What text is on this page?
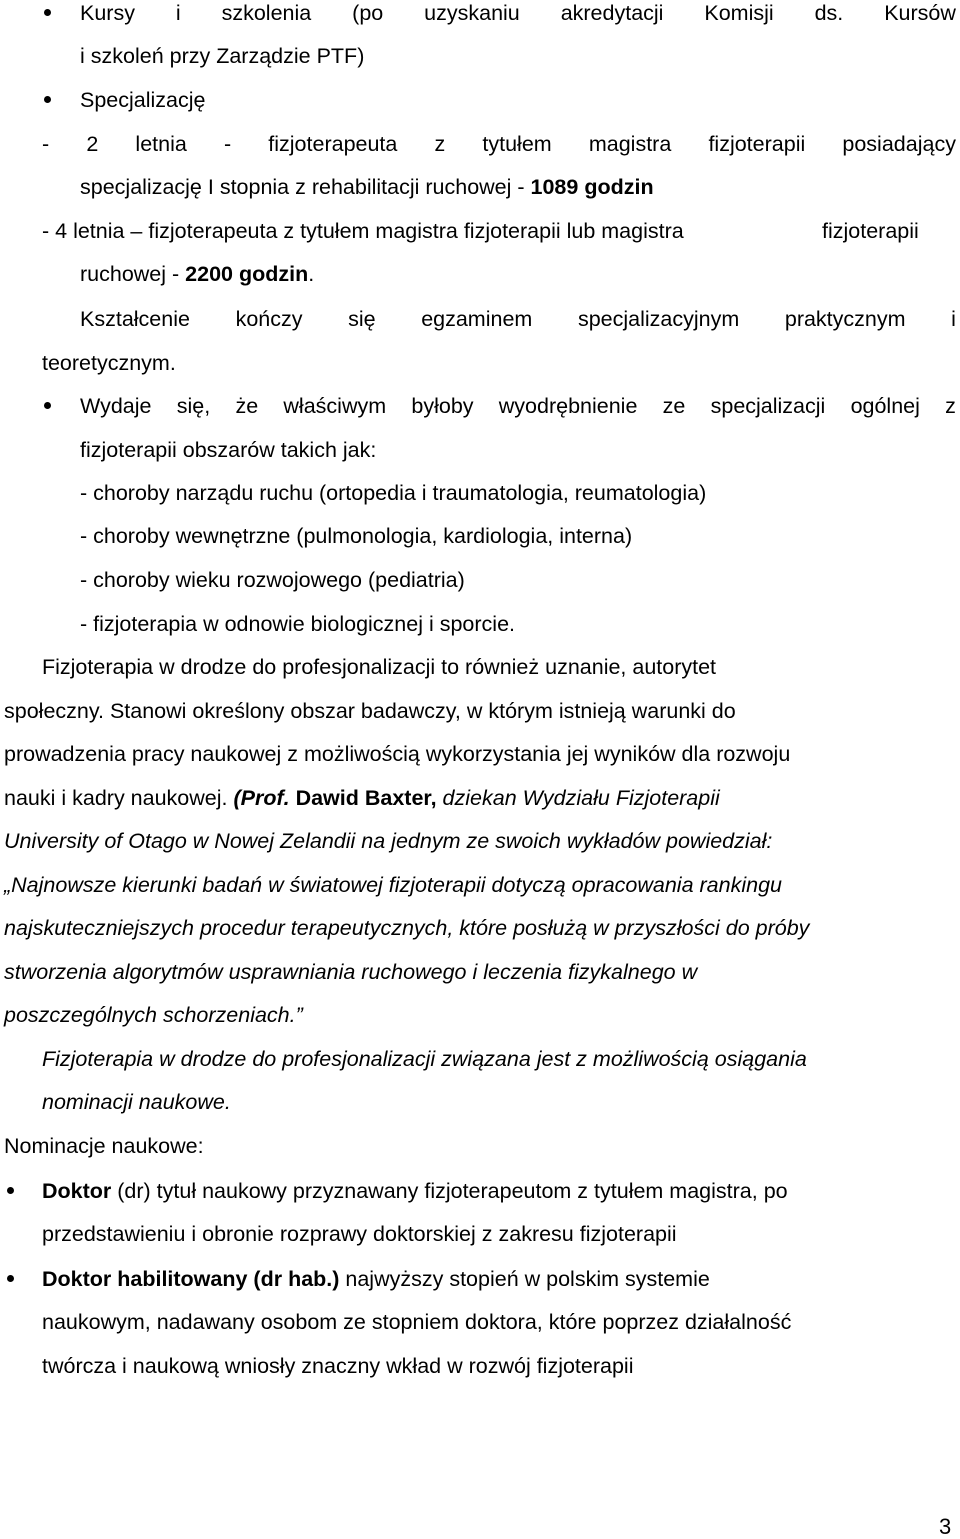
Kursy i szkolenia (po uzyskaniu akredytacji Komisji ds. Kursów
i szkoleń przy Zarządzie PTF)
Specjalizację
- 2 letnia - fizjoterapeuta z tytułem magistra fizjoterapii posiadający
specjalizację I stopnia z rehabilitacji ruchowej - 1089 godzin
- 4 letnia – fizjoterapeuta z tytułem magistra fizjoterapii lub magistra	fizjoterapii
ruchowej - 2200 godzin.
Kształcenie kończy się egzaminem specjalizacyjnym praktycznym i
teoretycznym.
Wydaje się, że właściwym byłoby wyodrębnienie ze specjalizacji ogólnej z
fizjoterapii obszarów takich jak:
- choroby narządu ruchu (ortopedia i traumatologia, reumatologia)
- choroby wewnętrzne (pulmonologia, kardiologia, interna)
- choroby wieku rozwojowego (pediatria)
- fizjoterapia w odnowie biologicznej i sporcie.
Fizjoterapia w drodze do profesjonalizacji to również uznanie, autorytet
społeczny. Stanowi określony obszar badawczy, w którym istnieją warunki do
prowadzenia pracy naukowej z możliwością wykorzystania jej wyników dla rozwoju
nauki i kadry naukowej. (Prof. Dawid Baxter, dziekan Wydziału Fizjoterapii
University of Otago w Nowej Zelandii na jednym ze swoich wykładów powiedział:
„Najnowsze kierunki badań w światowej fizjoterapii dotyczą opracowania rankingu
najskuteczniejszych procedur terapeutycznych, które posłużą w przyszłości do próby
stworzenia algorytmów usprawniania ruchowego i leczenia fizykalnego w
poszczególnych schorzeniach.”
Fizjoterapia w drodze do profesjonalizacji związana jest z możliwością osiągania
nominacji naukowe.
Nominacje naukowe:
Doktor (dr) tytuł naukowy przyznawany fizjoterapeutom z tytułem magistra, po
przedstawieniu i obronie rozprawy doktorskiej z zakresu fizjoterapii
Doktor habilitowany (dr hab.) najwyższy stopień w polskim systemie
naukowym, nadawany osobom ze stopniem doktora, które poprzez działalność
twórcza i naukową wniosły znaczny wkład w rozwój fizjoterapii
3
